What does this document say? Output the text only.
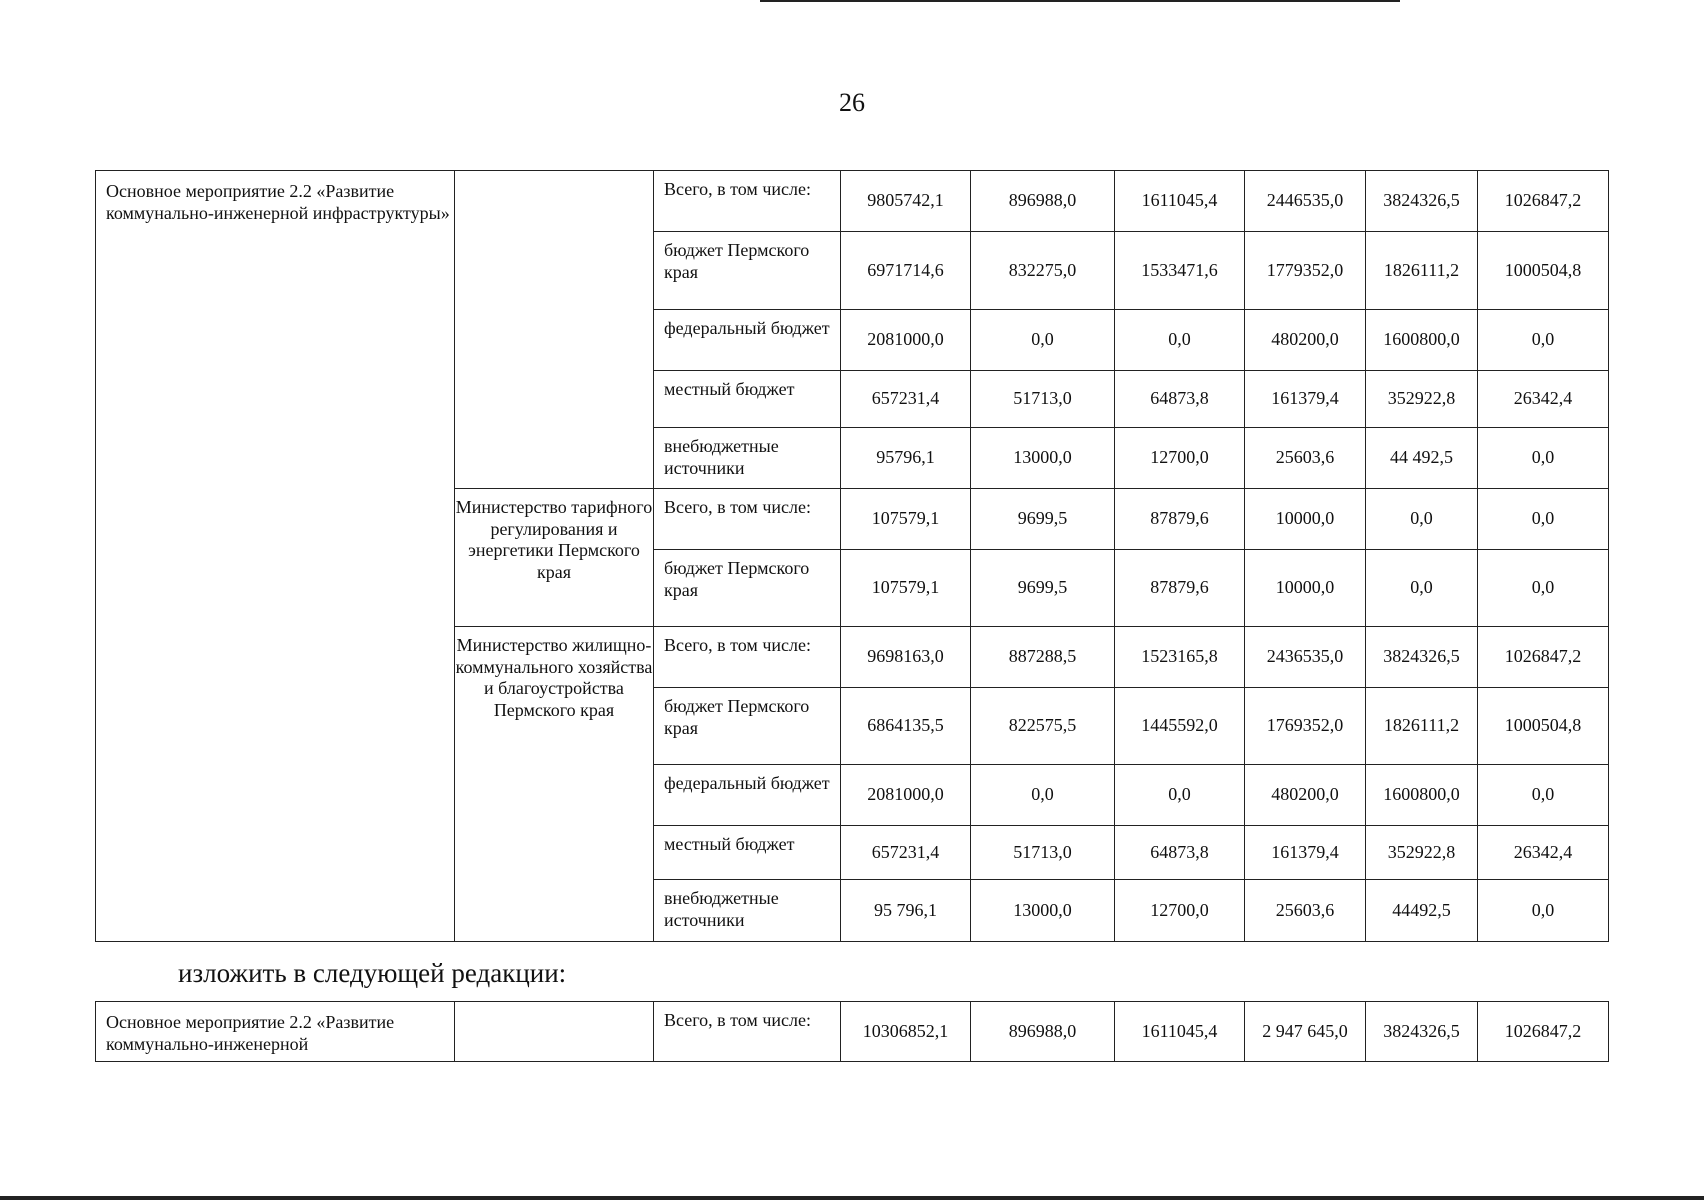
26
Основное мероприятие 2.2 «Развитие коммунально-инженерной инфраструктуры»		Всего, в том числе:	9805742,1	896988,0	1611045,4	2446535,0	3824326,5	1026847,2
		бюджет Пермского края	6971714,6	832275,0	1533471,6	1779352,0	1826111,2	1000504,8
		федеральный бюджет	2081000,0	0,0	0,0	480200,0	1600800,0	0,0
		местный бюджет	657231,4	51713,0	64873,8	161379,4	352922,8	26342,4
		внебюджетные источники	95796,1	13000,0	12700,0	25603,6	44 492,5	0,0
	Министерство тарифного регулирования и энергетики Пермского края	Всего, в том числе:	107579,1	9699,5	87879,6	10000,0	0,0	0,0
		бюджет Пермского края	107579,1	9699,5	87879,6	10000,0	0,0	0,0
	Министерство жилищно-коммунального хозяйства и благоустройства Пермского края	Всего, в том числе:	9698163,0	887288,5	1523165,8	2436535,0	3824326,5	1026847,2
		бюджет Пермского края	6864135,5	822575,5	1445592,0	1769352,0	1826111,2	1000504,8
		федеральный бюджет	2081000,0	0,0	0,0	480200,0	1600800,0	0,0
		местный бюджет	657231,4	51713,0	64873,8	161379,4	352922,8	26342,4
		внебюджетные источники	95 796,1	13000,0	12700,0	25603,6	44492,5	0,0
изложить в следующей редакции:
Основное мероприятие 2.2 «Развитие коммунально-инженерной		Всего, в том числе:	10306852,1	896988,0	1611045,4	2 947 645,0	3824326,5	1026847,2
